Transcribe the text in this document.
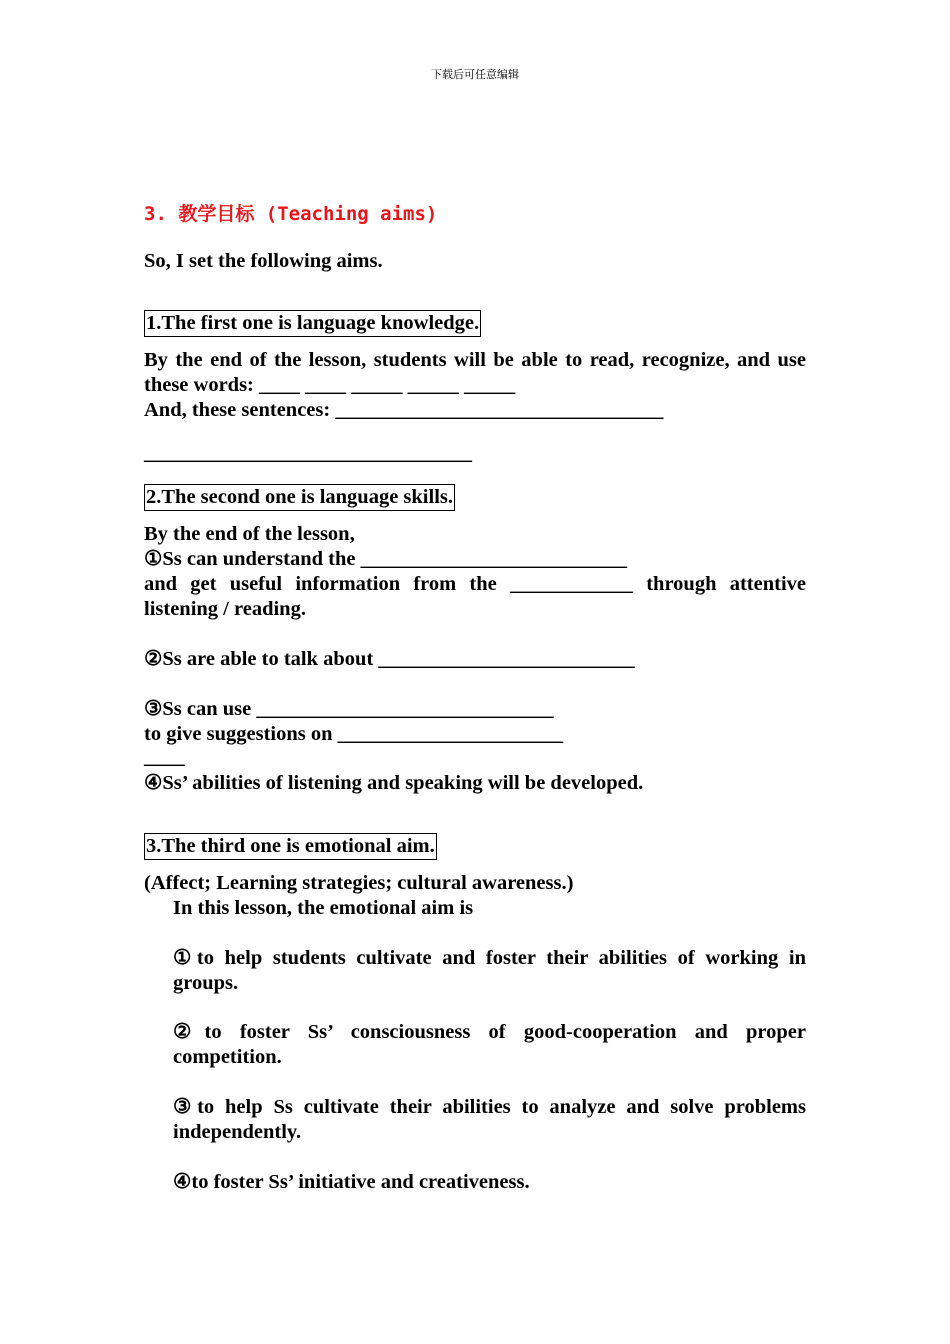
下载后可任意编辑
3. 教学目标 (Teaching aims)
So, I set the following aims.
1.The first one is language knowledge.
By the end of the lesson, students will be able to read, recognize, and use these words: ____ ____ _____ _____ _____
And, these sentences: ________________________________
________________________________
2.The second one is language skills.
By the end of the lesson,
①Ss can understand the __________________________
and get useful information from the ____________ through attentive listening / reading.
②Ss are able to talk about _________________________
③Ss can use _____________________________
to give suggestions on ______________________
____
④Ss’ abilities of listening and speaking will be developed.
3.The third one is emotional aim.
(Affect; Learning strategies; cultural awareness.)
In this lesson, the emotional aim is
①to help students cultivate and foster their abilities of working in groups.
②to foster Ss’ consciousness of good-cooperation and proper competition.
③to help Ss cultivate their abilities to analyze and solve problems independently.
④to foster Ss’ initiative and creativeness.
